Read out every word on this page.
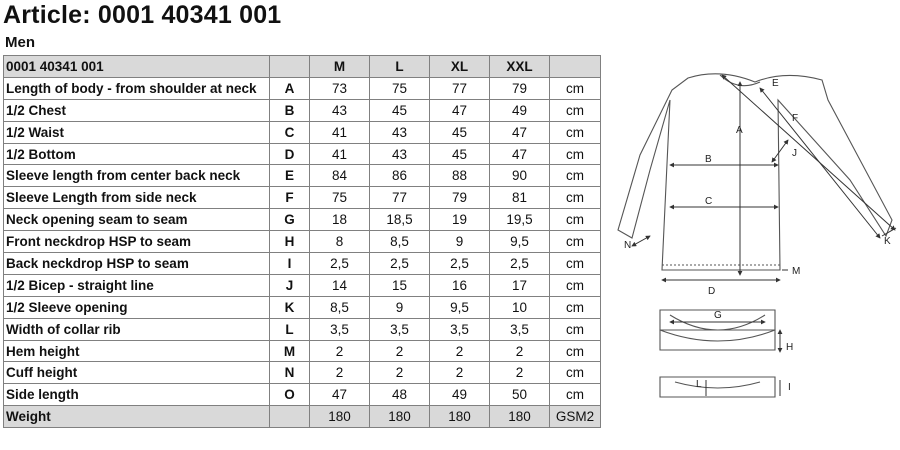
Article: 0001 40341 001
Men
0001 40341 001		M	L	XL	XXL	
Length of body - from shoulder at neck	A	73	75	77	79	cm
1/2 Chest	B	43	45	47	49	cm
1/2 Waist	C	41	43	45	47	cm
1/2 Bottom	D	41	43	45	47	cm
Sleeve length from center back neck	E	84	86	88	90	cm
Sleeve Length from side neck	F	75	77	79	81	cm
Neck opening seam to seam	G	18	18,5	19	19,5	cm
Front neckdrop HSP to seam	H	8	8,5	9	9,5	cm
Back neckdrop HSP to seam	I	2,5	2,5	2,5	2,5	cm
1/2 Bicep - straight line	J	14	15	16	17	cm
1/2 Sleeve opening	K	8,5	9	9,5	10	cm
Width of collar rib	L	3,5	3,5	3,5	3,5	cm
Hem height	M	2	2	2	2	cm
Cuff height	N	2	2	2	2	cm
Side length	O	47	48	49	50	cm
Weight		180	180	180	180	GSM2
A
B
C
D
E
F
G
H
I
J
K
L
M
N
